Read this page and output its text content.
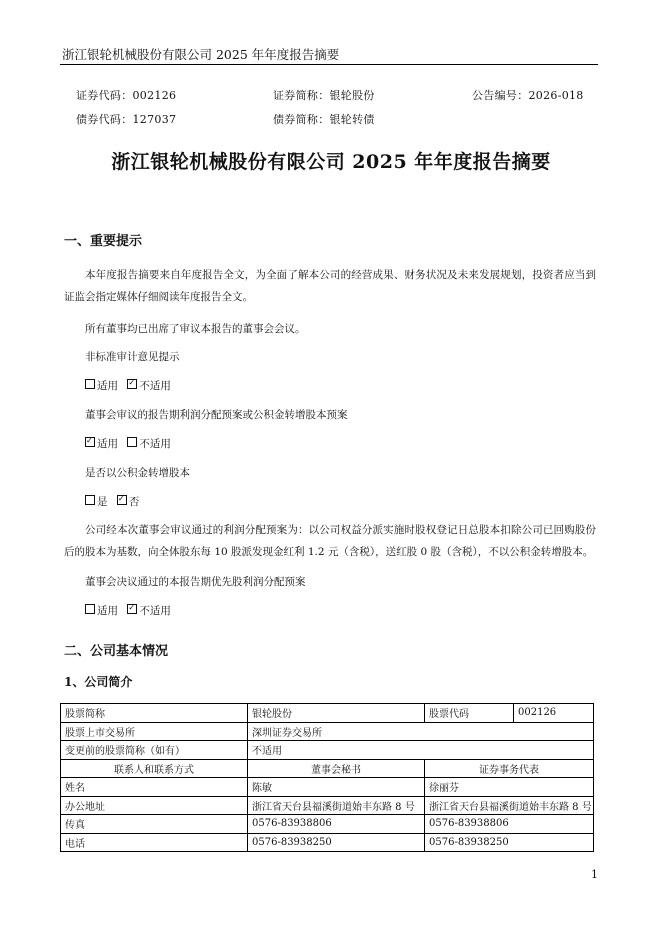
浙江银轮机械股份有限公司 2025 年年度报告摘要
证券代码：002126	证券简称：银轮股份	公告编号：2026-018
债券代码：127037	债券简称：银轮转债
浙江银轮机械股份有限公司 2025 年年度报告摘要
一、重要提示
本年度报告摘要来自年度报告全文，为全面了解本公司的经营成果、财务状况及未来发展规划，投资者应当到证监会指定媒体仔细阅读年度报告全文。
所有董事均已出席了审议本报告的董事会会议。
非标准审计意见提示
适用 ✓ 不适用
董事会审议的报告期利润分配预案或公积金转增股本预案
✓适用 不适用
是否以公积金转增股本
是 ✓ 否
公司经本次董事会审议通过的利润分配预案为：以公司权益分派实施时股权登记日总股本扣除公司已回购股份后的股本为基数，向全体股东每 10 股派发现金红利 1.2 元（含税），送红股 0 股（含税），不以公积金转增股本。
董事会决议通过的本报告期优先股利润分配预案
适用 ✓ 不适用
二、公司基本情况
1、公司简介
股票简称	银轮股份	股票代码	002126
股票上市交易所	深圳证券交易所		
变更前的股票简称（如有）	不适用		
联系人和联系方式	董事会秘书	证券事务代表	
姓名	陈敏	徐丽芬	
办公地址	浙江省天台县福溪街道始丰东路 8 号	浙江省天台县福溪街道始丰东路 8 号	
传真	0576-83938806	0576-83938806	
电话	0576-83938250	0576-83938250	
1
